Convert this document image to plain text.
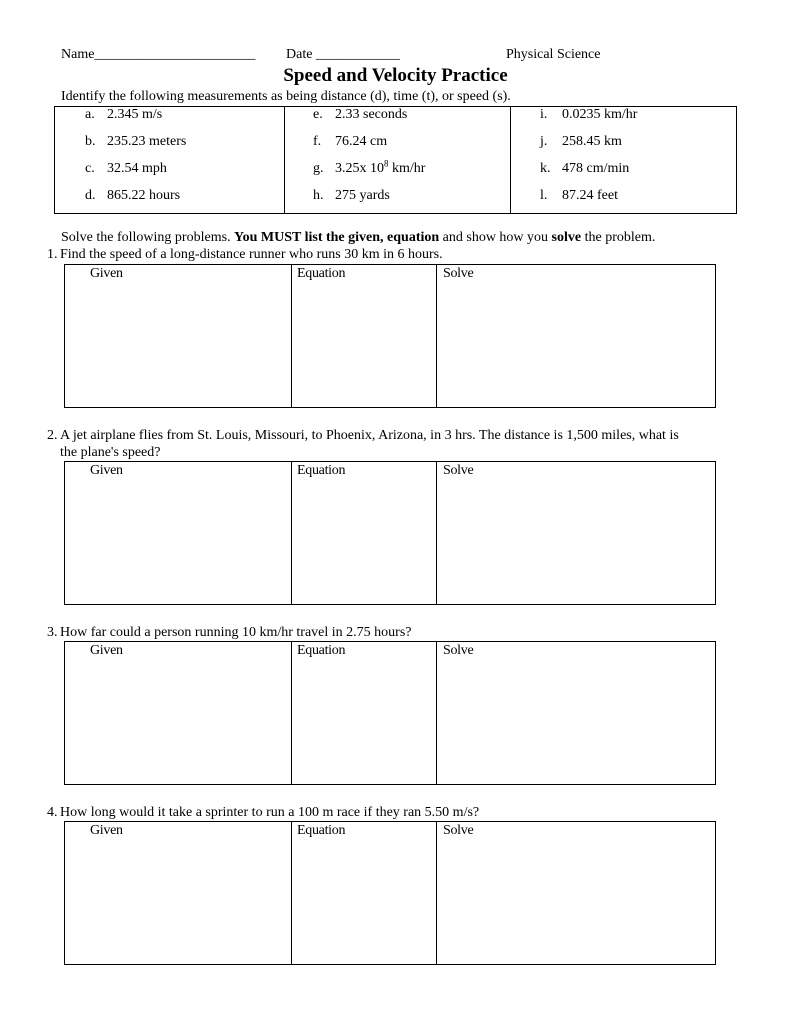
Name_______________________ Date ____________	Physical Science
Speed and Velocity Practice
Identify the following measurements as being distance (d), time (t), or speed (s).
a. 2.345 m/s
b. 235.23 meters
c. 32.54 mph
d. 865.22 hours
e. 2.33 seconds
f. 76.24 cm
g. 3.25x $10^8$ km/hr
h. 275 yards
i. 0.0235 km/hr
j. 258.45 km
k. 478 cm/min
l. 87.24 feet
Solve the following problems. You MUST list the given, equation and show how you solve the problem.
1. Find the speed of a long-distance runner who runs 30 km in 6 hours.
Given	Equation	Solve
2. A jet airplane flies from St. Louis, Missouri, to Phoenix, Arizona, in 3 hrs. The distance is 1,500 miles, what is
the plane's speed?
Given	Equation	Solve
3. How far could a person running 10 km/hr travel in 2.75 hours?
Given	Equation	Solve
4. How long would it take a sprinter to run a 100 m race if they ran 5.50 m/s?
Given	Equation	Solve
